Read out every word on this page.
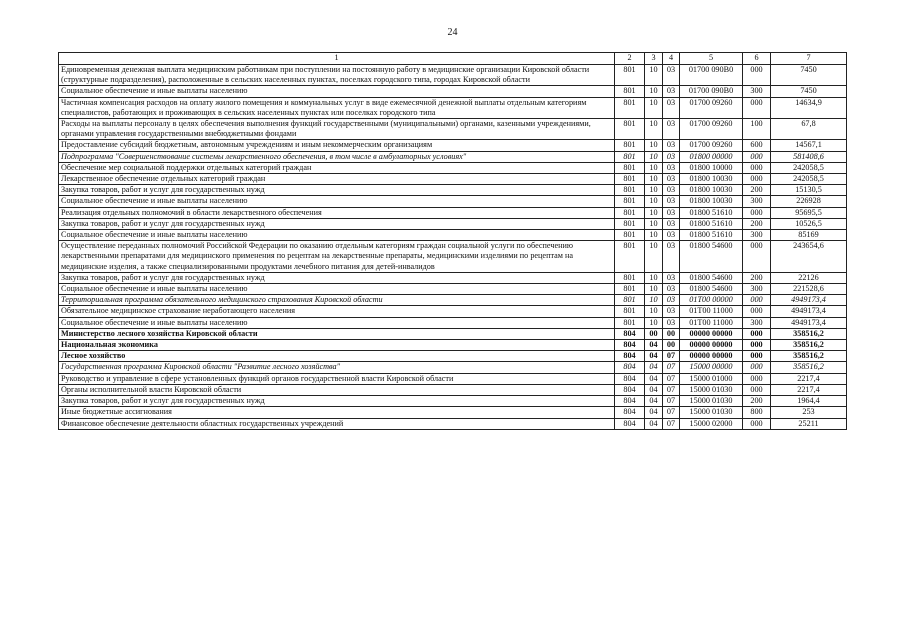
24
1	2	3	4	5	6	7
Единовременная денежная выплата медицинским работникам при поступлении на постоянную работу в медицинские организации Кировской области (структурные подразделения), расположенные в сельских населенных пунктах, поселках городского типа, городах Кировской области	801	10	03	01700 090В0	000	7450
Социальное обеспечение и иные выплаты населению	801	10	03	01700 090В0	300	7450
Частичная компенсация расходов на оплату жилого помещения и коммунальных услуг в виде ежемесячной денежной выплаты отдельным категориям специалистов, работающих и проживающих в сельских населенных пунктах или поселках городского типа	801	10	03	01700 09260	000	14634,9
Расходы на выплаты персоналу в целях обеспечения выполнения функций государственными (муниципальными) органами, казенными учреждениями, органами управления государственными внебюджетными фондами	801	10	03	01700 09260	100	67,8
Предоставление субсидий бюджетным, автономным учреждениям и иным некоммерческим организациям	801	10	03	01700 09260	600	14567,1
Подпрограмма "Совершенствование системы лекарственного обеспечения, в том числе в амбулаторных условиях"	801	10	03	01800 00000	000	581408,6
Обеспечение мер социальной поддержки отдельных категорий граждан	801	10	03	01800 10000	000	242058,5
Лекарственное обеспечение отдельных категорий граждан	801	10	03	01800 10030	000	242058,5
Закупка товаров, работ и услуг для государственных нужд	801	10	03	01800 10030	200	15130,5
Социальное обеспечение и иные выплаты населению	801	10	03	01800 10030	300	226928
Реализация отдельных полномочий в области лекарственного обеспечения	801	10	03	01800 51610	000	95695,5
Закупка товаров, работ и услуг для государственных нужд	801	10	03	01800 51610	200	10526,5
Социальное обеспечение и иные выплаты населению	801	10	03	01800 51610	300	85169
Осуществление переданных полномочий Российской Федерации по оказанию отдельным категориям граждан социальной услуги по обеспечению лекарственными препаратами для медицинского применения по рецептам на лекарственные препараты, медицинскими изделиями по рецептам на медицинские изделия, а также специализированными продуктами лечебного питания для детей-инвалидов	801	10	03	01800 54600	000	243654,6
Закупка товаров, работ и услуг для государственных нужд	801	10	03	01800 54600	200	22126
Социальное обеспечение и иные выплаты населению	801	10	03	01800 54600	300	221528,6
Территориальная программа обязательного медицинского страхования Кировской области	801	10	03	01Т00 00000	000	4949173,4
Обязательное медицинское страхование неработающего населения	801	10	03	01Т00 11000	000	4949173,4
Социальное обеспечение и иные выплаты населению	801	10	03	01Т00 11000	300	4949173,4
Министерство лесного хозяйства Кировской области	804	00	00	00000 00000	000	358516,2
Национальная экономика	804	04	00	00000 00000	000	358516,2
Лесное хозяйство	804	04	07	00000 00000	000	358516,2
Государственная программа Кировской области "Развитие лесного хозяйства"	804	04	07	15000 00000	000	358516,2
Руководство и управление в сфере установленных функций органов государственной власти Кировской области	804	04	07	15000 01000	000	2217,4
Органы исполнительной власти Кировской области	804	04	07	15000 01030	000	2217,4
Закупка товаров, работ и услуг для государственных нужд	804	04	07	15000 01030	200	1964,4
Иные бюджетные ассигнования	804	04	07	15000 01030	800	253
Финансовое обеспечение деятельности областных государственных учреждений	804	04	07	15000 02000	000	25211
